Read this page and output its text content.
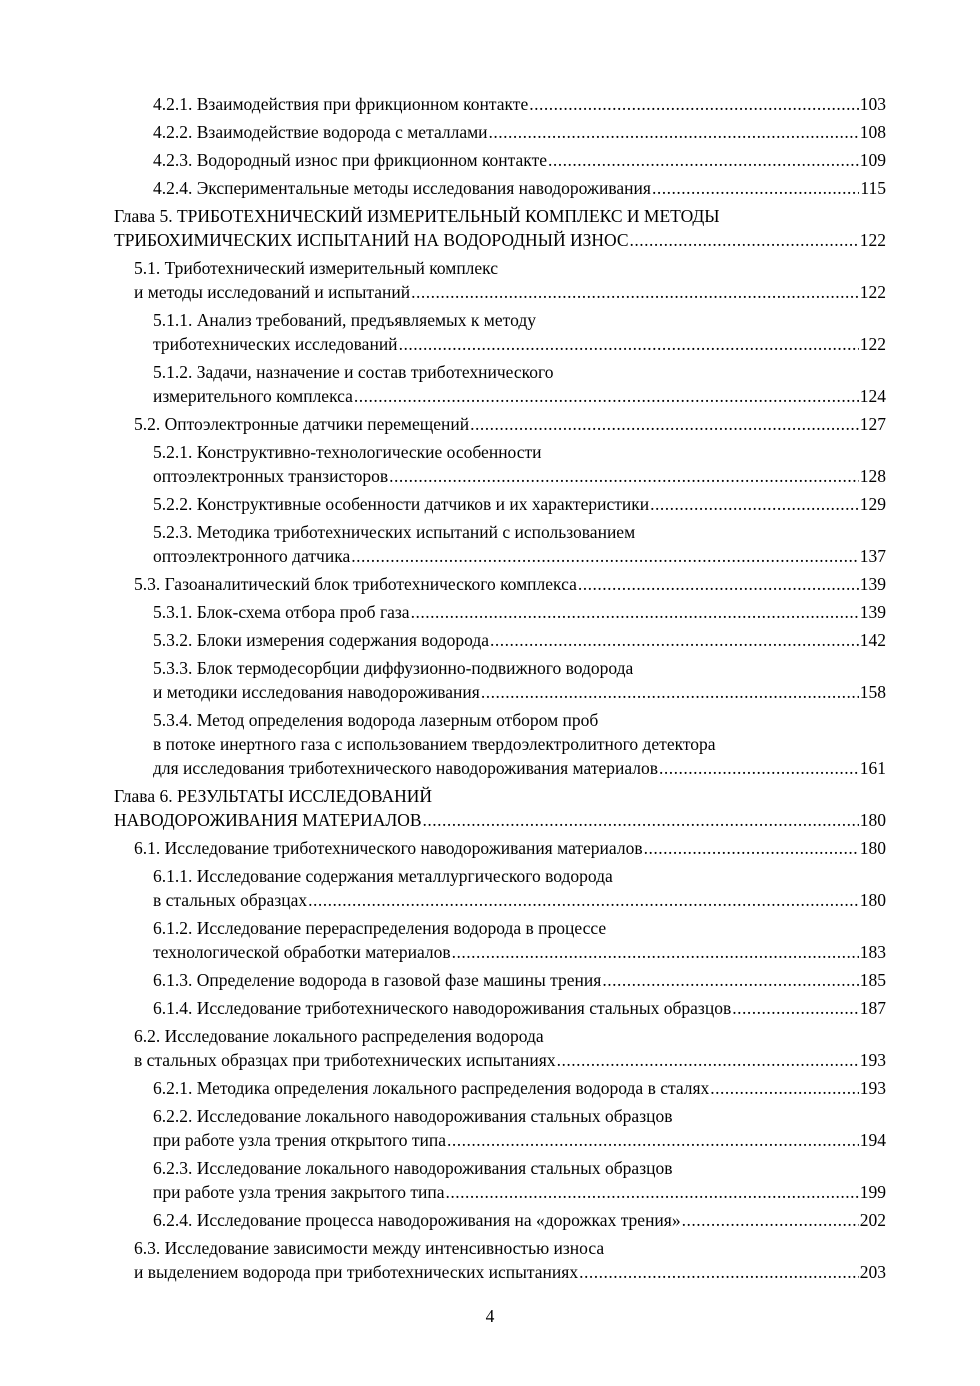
4.2.1. Взаимодействия при фрикционном контакте .....	103
4.2.2. Взаимодействие водорода с металлами .....	108
4.2.3. Водородный износ при фрикционном контакте .....	109
4.2.4. Экспериментальные методы исследования наводороживания .....	115
Глава 5. ТРИБОТЕХНИЧЕСКИЙ ИЗМЕРИТЕЛЬНЫЙ КОМПЛЕКС И МЕТОДЫ
ТРИБОХИМИЧЕСКИХ ИСПЫТАНИЙ НА ВОДОРОДНЫЙ ИЗНОС .....	122
5.1. Триботехнический измерительный комплекс
и методы исследований и испытаний .....	122
5.1.1. Анализ требований, предъявляемых к методу
триботехнических исследований .....	122
5.1.2. Задачи, назначение и состав триботехнического
измерительного комплекса .....	124
5.2. Оптоэлектронные датчики перемещений .....	127
5.2.1. Конструктивно-технологические особенности
оптоэлектронных транзисторов .....	128
5.2.2. Конструктивные особенности датчиков и их характеристики .....	129
5.2.3. Методика триботехнических испытаний с использованием
оптоэлектронного датчика .....	137
5.3. Газоаналитический блок триботехнического комплекса .....	139
5.3.1. Блок-схема отбора проб газа .....	139
5.3.2. Блоки измерения содержания водорода .....	142
5.3.3. Блок термодесорбции диффузионно-подвижного водорода
и методики исследования наводороживания .....	158
5.3.4. Метод определения водорода лазерным отбором проб
в потоке инертного газа с использованием твердоэлектролитного детектора
для исследования триботехнического наводороживания материалов .....	161
Глава 6. РЕЗУЛЬТАТЫ ИССЛЕДОВАНИЙ
НАВОДОРОЖИВАНИЯ МАТЕРИАЛОВ .....	180
6.1. Исследование триботехнического наводороживания материалов .....	180
6.1.1. Исследование содержания металлургического водорода
в стальных образцах .....	180
6.1.2. Исследование перераспределения водорода в процессе
технологической обработки материалов .....	183
6.1.3. Определение водорода в газовой фазе машины трения .....	185
6.1.4. Исследование триботехнического наводороживания стальных образцов .....	187
6.2. Исследование локального распределения водорода
в стальных образцах при триботехнических испытаниях .....	193
6.2.1. Методика определения локального распределения водорода в сталях .....	193
6.2.2. Исследование локального наводороживания стальных образцов
при работе узла трения открытого типа .....	194
6.2.3. Исследование локального наводороживания стальных образцов
при работе узла трения закрытого типа .....	199
6.2.4. Исследование процесса наводороживания на «дорожках трения» .....	202
6.3. Исследование зависимости между интенсивностью износа
и выделением водорода при триботехнических испытаниях .....	203
4
